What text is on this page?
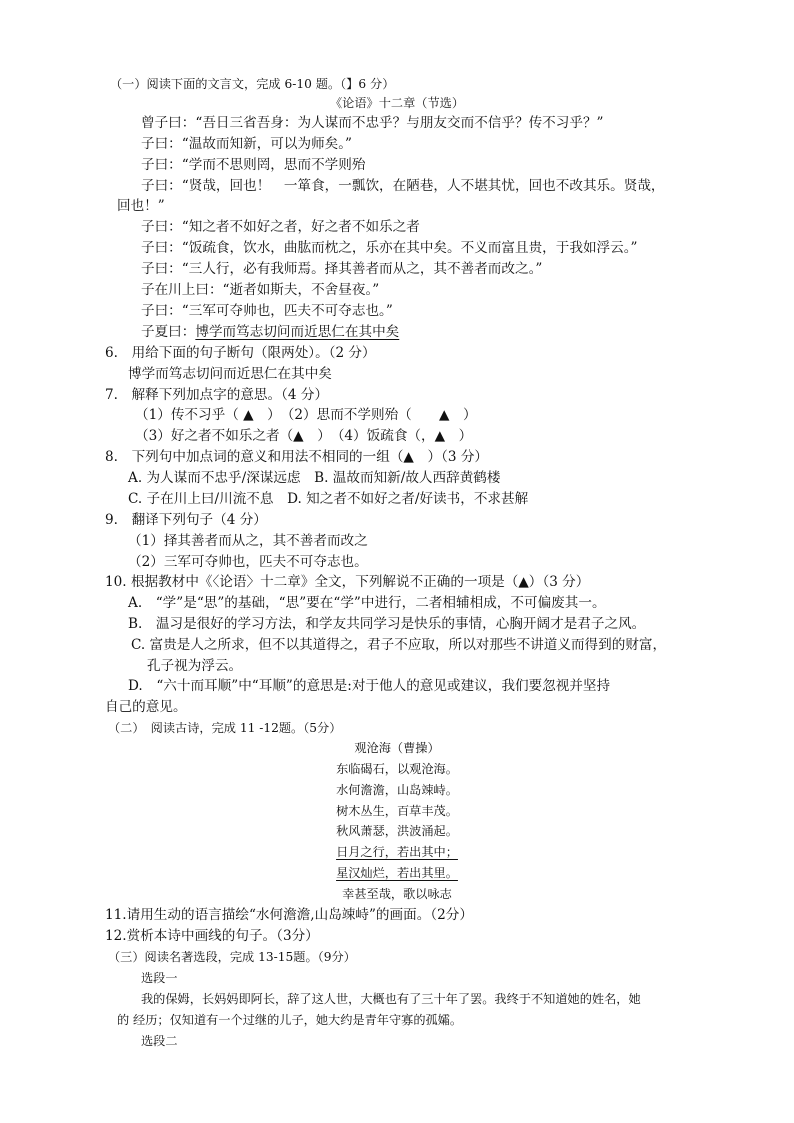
（一）阅读下面的文言文，完成 6-10 题。（】6 分）
《论语》十二章（节选）
曾子曰：“吾日三省吾身：为人谋而不忠乎？与朋友交而不信乎？传不习乎？”
子曰：“温故而知新，可以为师矣。”
子曰：“学而不思则罔，思而不学则殆
子曰：“贤哉，回也！　一箪食，一瓢饮，在陋巷，人不堪其忧，回也不改其乐。贤哉，
回也！”
子曰：“知之者不如好之者，好之者不如乐之者
子曰：“饭疏食，饮水，曲肱而枕之，乐亦在其中矣。不义而富且贵，于我如浮云。”
子曰：“三人行，必有我师焉。择其善者而从之，其不善者而改之。”
子在川上曰：“逝者如斯夫，不舍昼夜。”
子曰：“三军可夺帅也，匹夫不可夺志也。”
子夏曰：博学而笃志切问而近思仁在其中矣
6.　用给下面的句子断句（限两处）。（2 分）
博学而笃志切问而近思仁在其中矣
7.　解释下列加点字的意思。（4 分）
（1）传不习乎（ ▲　）　（2）思而不学则殆（　　▲　）
（3）好之者不如乐之者（▲　）　（4）饭疏食（，▲　）
8.　下列句中加点词的意义和用法不相同的一组（▲　）（3 分）
A. 为人谋而不忠乎/深谋远虑　B. 温故而知新/故人西辞黄鹤楼
C. 子在川上曰/川流不息　D. 知之者不如好之者/好读书，不求甚解
9.　翻译下列句子（4 分）
（1）择其善者而从之，其不善者而改之
（2）三军可夺帅也，匹夫不可夺志也。
10. 根据教材中《〈论语〉十二章》全文，下列解说不正确的一项是（▲）（3 分）
A.　“学”是“思”的基础，“思”要在“学”中进行，二者相辅相成，不可偏废其一。
B.　温习是很好的学习方法，和学友共同学习是快乐的事情，心胸开阔才是君子之风。
C. 富贵是人之所求，但不以其道得之，君子不应取，所以对那些不讲道义而得到的财富，
孔子视为浮云。
D.　“六十而耳顺”中“耳顺”的意思是:对于他人的意见或建议，我们要忽视并坚持
自己的意见。
（二）　阅读古诗，完成 11 -12题。（5分）
观沧海（曹操）
东临碣石，以观沧海。
水何澹澹，山岛竦峙。
树木丛生，百草丰茂。
秋风萧瑟，洪波涌起。
日月之行，若出其中；
星汉灿烂，若出其里。
幸甚至哉，歌以咏志
11.请用生动的语言描绘“水何澹澹,山岛竦峙”的画面。（2分）
12.赏析本诗中画线的句子。（3分）
（三）阅读名著选段，完成 13-15题。（9分）
选段一
我的保姆，长妈妈即阿长，辞了这人世，大概也有了三十年了罢。我终于不知道她的姓名，她
的 经历；仅知道有一个过继的儿子，她大约是青年守寡的孤孀。
选段二
